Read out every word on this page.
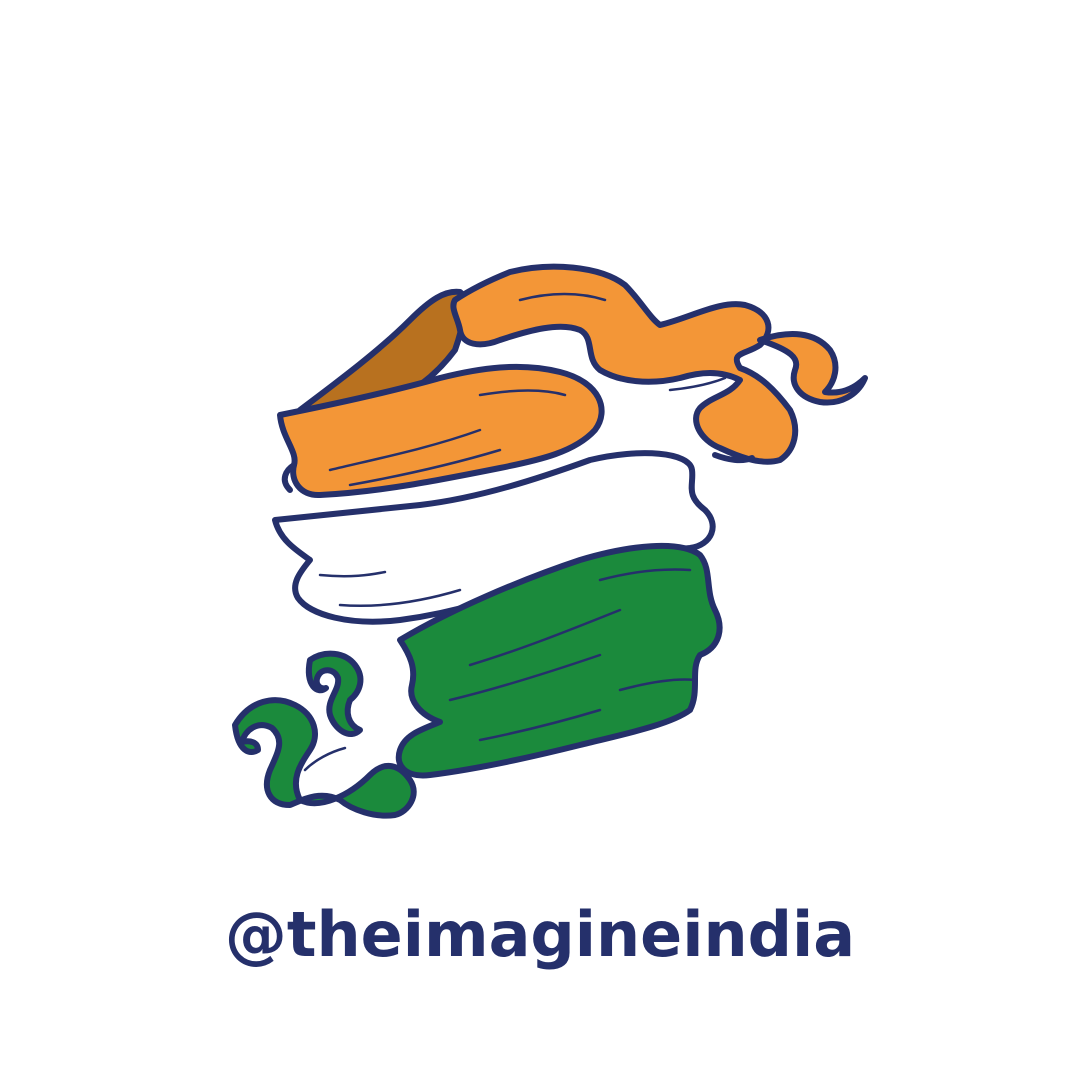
@theimagineindia
